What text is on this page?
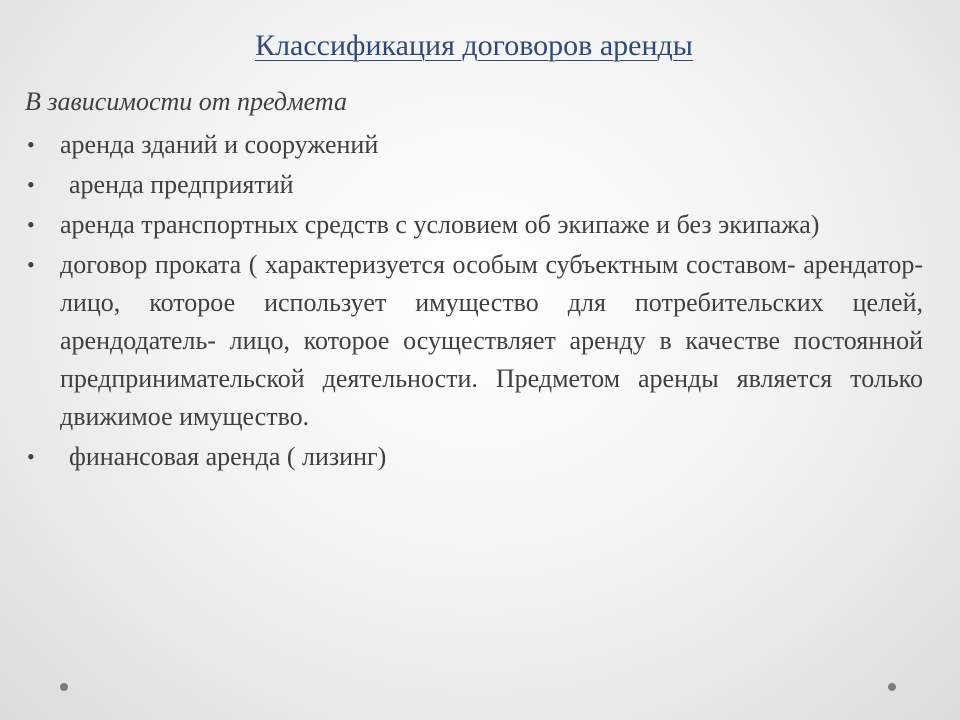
Классификация договоров аренды
В зависимости от предмета
• аренда зданий и сооружений
• аренда предприятий
• аренда транспортных средств с условием об экипаже и без экипажа)
• договор проката ( характеризуется особым субъектным составом- арендатор- лицо, которое использует имущество для потребительских целей, арендодатель- лицо, которое осуществляет аренду в качестве постоянной предпринимательской деятельности. Предметом аренды является только движимое имущество.
• финансовая аренда ( лизинг)
